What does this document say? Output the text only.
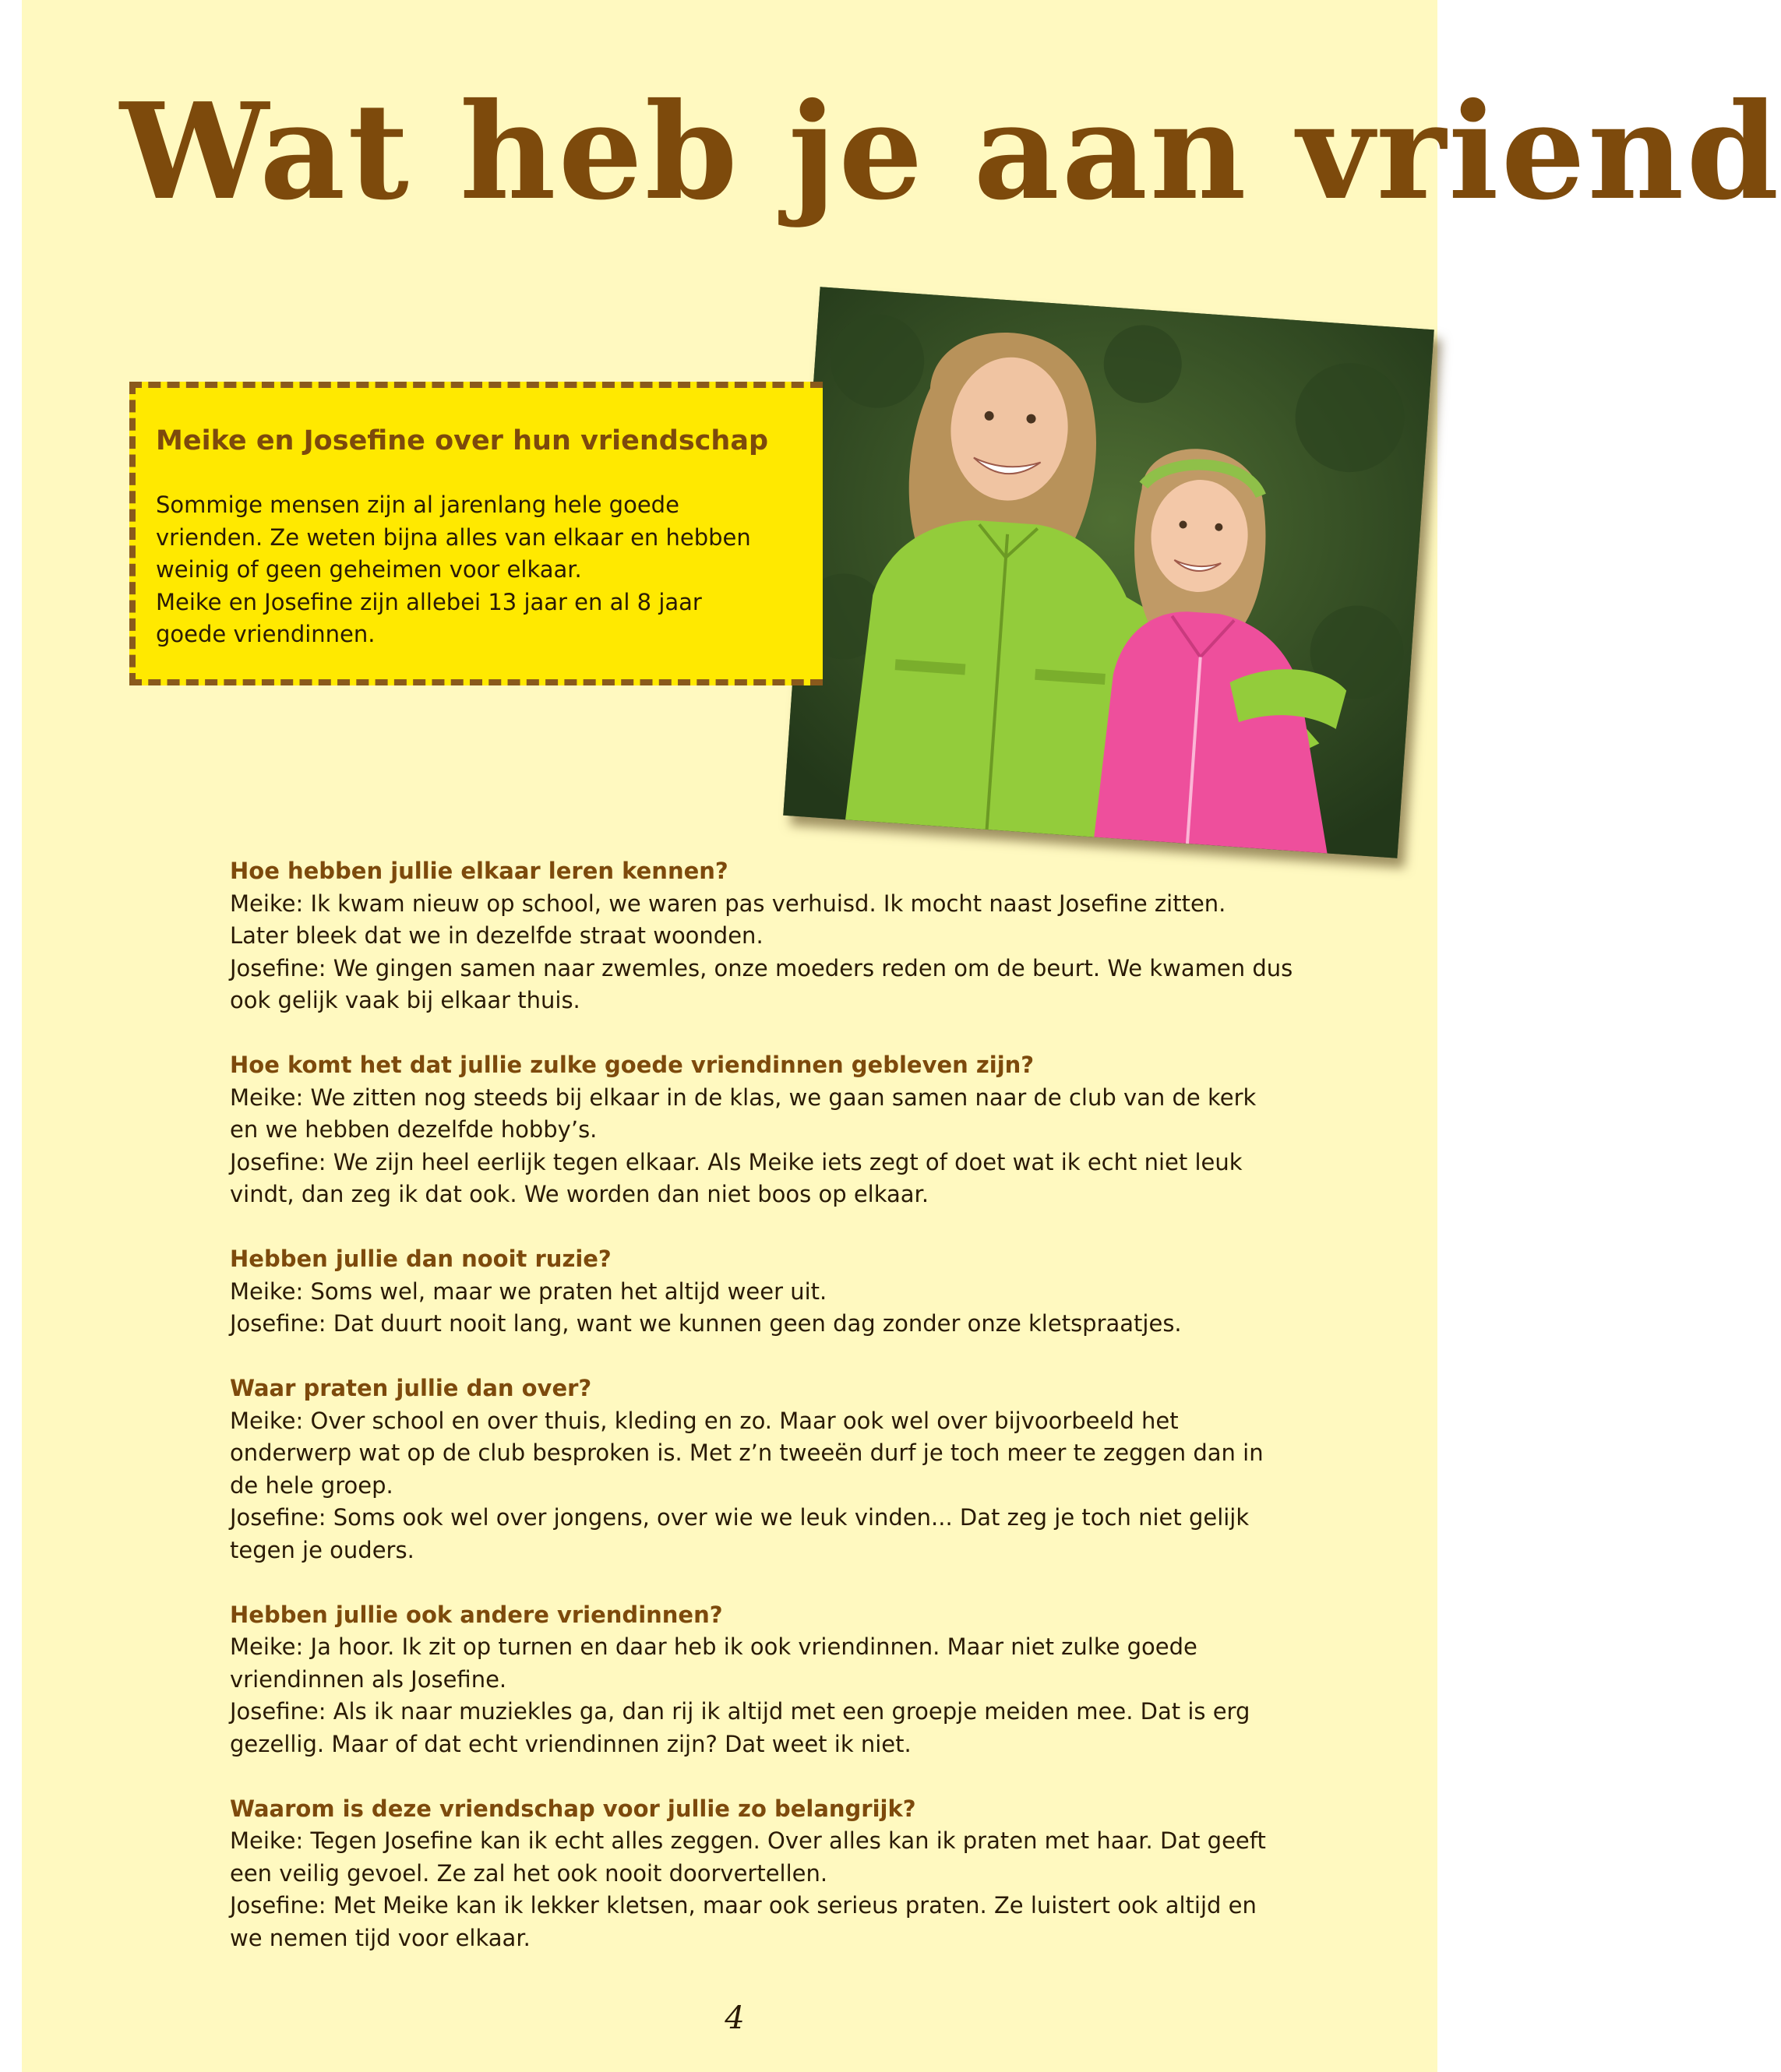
Wat heb je aan vriend
Meike en Josefine over hun vriendschap
Sommige mensen zijn al jarenlang hele goede
vrienden. Ze weten bijna alles van elkaar en hebben
weinig of geen geheimen voor elkaar.
Meike en Josefine zijn allebei 13 jaar en al 8 jaar
goede vriendinnen.
Hoe hebben jullie elkaar leren kennen?
Meike: Ik kwam nieuw op school, we waren pas verhuisd. Ik mocht naast Josefine zitten.
Later bleek dat we in dezelfde straat woonden.
Josefine: We gingen samen naar zwemles, onze moeders reden om de beurt. We kwamen dus
ook gelijk vaak bij elkaar thuis.
Hoe komt het dat jullie zulke goede vriendinnen gebleven zijn?
Meike: We zitten nog steeds bij elkaar in de klas, we gaan samen naar de club van de kerk
en we hebben dezelfde hobby’s.
Josefine: We zijn heel eerlijk tegen elkaar. Als Meike iets zegt of doet wat ik echt niet leuk
vindt, dan zeg ik dat ook. We worden dan niet boos op elkaar.
Hebben jullie dan nooit ruzie?
Meike: Soms wel, maar we praten het altijd weer uit.
Josefine: Dat duurt nooit lang, want we kunnen geen dag zonder onze kletspraatjes.
Waar praten jullie dan over?
Meike: Over school en over thuis, kleding en zo. Maar ook wel over bijvoorbeeld het
onderwerp wat op de club besproken is. Met z’n tweeën durf je toch meer te zeggen dan in
de hele groep.
Josefine: Soms ook wel over jongens, over wie we leuk vinden... Dat zeg je toch niet gelijk
tegen je ouders.
Hebben jullie ook andere vriendinnen?
Meike: Ja hoor. Ik zit op turnen en daar heb ik ook vriendinnen. Maar niet zulke goede
vriendinnen als Josefine.
Josefine: Als ik naar muziekles ga, dan rij ik altijd met een groepje meiden mee. Dat is erg
gezellig. Maar of dat echt vriendinnen zijn? Dat weet ik niet.
Waarom is deze vriendschap voor jullie zo belangrijk?
Meike: Tegen Josefine kan ik echt alles zeggen. Over alles kan ik praten met haar. Dat geeft
een veilig gevoel. Ze zal het ook nooit doorvertellen.
Josefine: Met Meike kan ik lekker kletsen, maar ook serieus praten. Ze luistert ook altijd en
we nemen tijd voor elkaar.
4
